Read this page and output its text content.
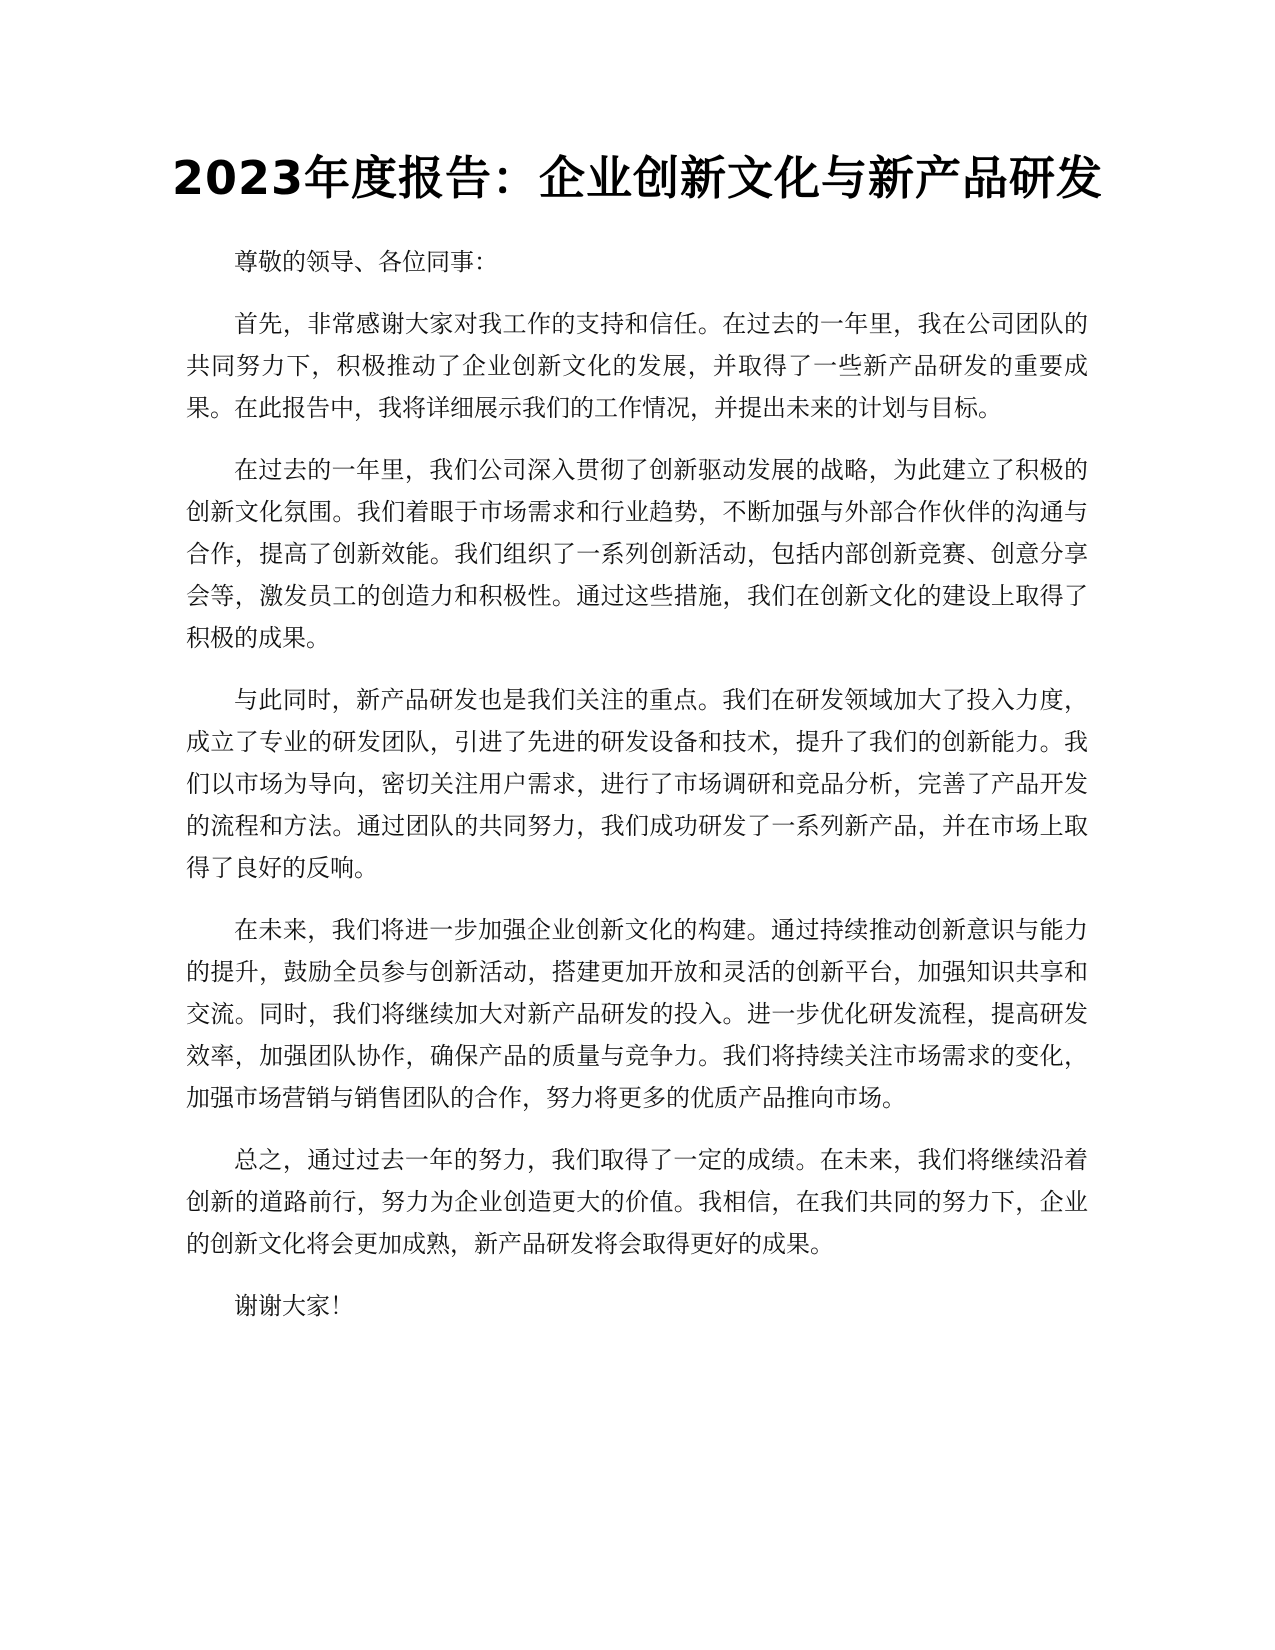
2023年度报告：企业创新文化与新产品研发

尊敬的领导、各位同事：

首先，非常感谢大家对我工作的支持和信任。在过去的一年里，我在公司团队的共同努力下，积极推动了企业创新文化的发展，并取得了一些新产品研发的重要成果。在此报告中，我将详细展示我们的工作情况，并提出未来的计划与目标。

在过去的一年里，我们公司深入贯彻了创新驱动发展的战略，为此建立了积极的创新文化氛围。我们着眼于市场需求和行业趋势，不断加强与外部合作伙伴的沟通与合作，提高了创新效能。我们组织了一系列创新活动，包括内部创新竞赛、创意分享会等，激发员工的创造力和积极性。通过这些措施，我们在创新文化的建设上取得了积极的成果。

与此同时，新产品研发也是我们关注的重点。我们在研发领域加大了投入力度，成立了专业的研发团队，引进了先进的研发设备和技术，提升了我们的创新能力。我们以市场为导向，密切关注用户需求，进行了市场调研和竞品分析，完善了产品开发的流程和方法。通过团队的共同努力，我们成功研发了一系列新产品，并在市场上取得了良好的反响。

在未来，我们将进一步加强企业创新文化的构建。通过持续推动创新意识与能力的提升，鼓励全员参与创新活动，搭建更加开放和灵活的创新平台，加强知识共享和交流。同时，我们将继续加大对新产品研发的投入。进一步优化研发流程，提高研发效率，加强团队协作，确保产品的质量与竞争力。我们将持续关注市场需求的变化，加强市场营销与销售团队的合作，努力将更多的优质产品推向市场。

总之，通过过去一年的努力，我们取得了一定的成绩。在未来，我们将继续沿着创新的道路前行，努力为企业创造更大的价值。我相信，在我们共同的努力下，企业的创新文化将会更加成熟，新产品研发将会取得更好的成果。

谢谢大家！
